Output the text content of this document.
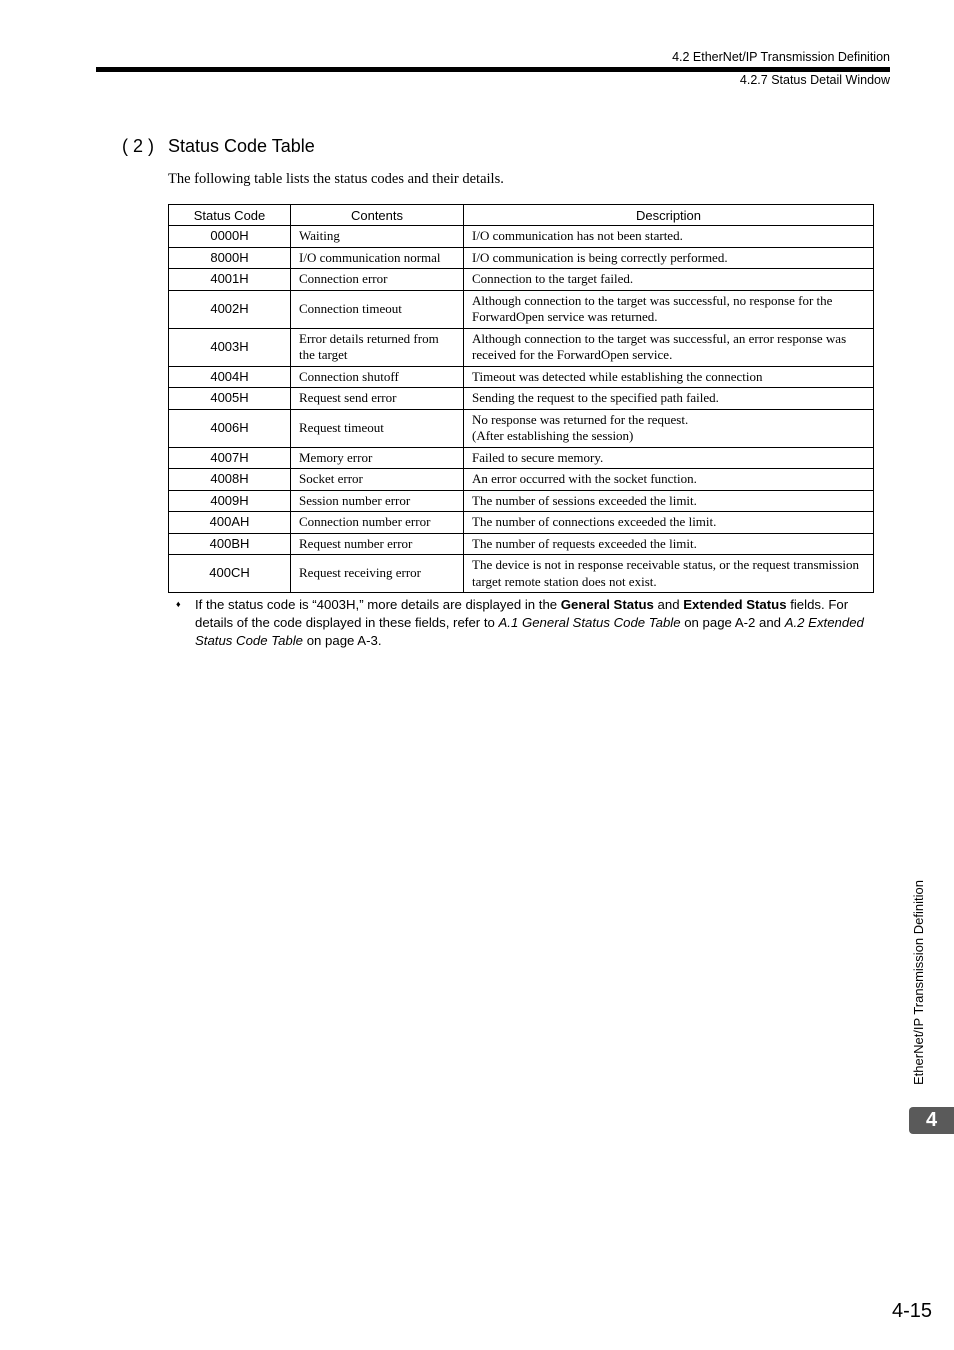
4.2 EtherNet/IP Transmission Definition
4.2.7 Status Detail Window
( 2 ) Status Code Table
The following table lists the status codes and their details.
Status Code	Contents	Description
0000H	Waiting	I/O communication has not been started.
8000H	I/O communication normal	I/O communication is being correctly performed.
4001H	Connection error	Connection to the target failed.
4002H	Connection timeout	Although connection to the target was successful, no response for the ForwardOpen service was returned.
4003H	Error details returned from the target	Although connection to the target was successful, an error response was received for the ForwardOpen service.
4004H	Connection shutoff	Timeout was detected while establishing the connection
4005H	Request send error	Sending the request to the specified path failed.
4006H	Request timeout	No response was returned for the request.
(After establishing the session)

4007H	Memory error	Failed to secure memory.
4008H	Socket error	An error occurred with the socket function.
4009H	Session number error	The number of sessions exceeded the limit.
400AH	Connection number error	The number of connections exceeded the limit.
400BH	Request number error	The number of requests exceeded the limit.
400CH	Request receiving error	The device is not in response receivable status, or the request transmission target remote station does not exist.
♦ If the status code is “4003H,” more details are displayed in the General Status and Extended Status fields. For details of the code displayed in these fields, refer to A.1 General Status Code Table on page A-2 and A.2 Extended Status Code Table on page A-3.
EtherNet/IP Transmission Definition
4
4-15
